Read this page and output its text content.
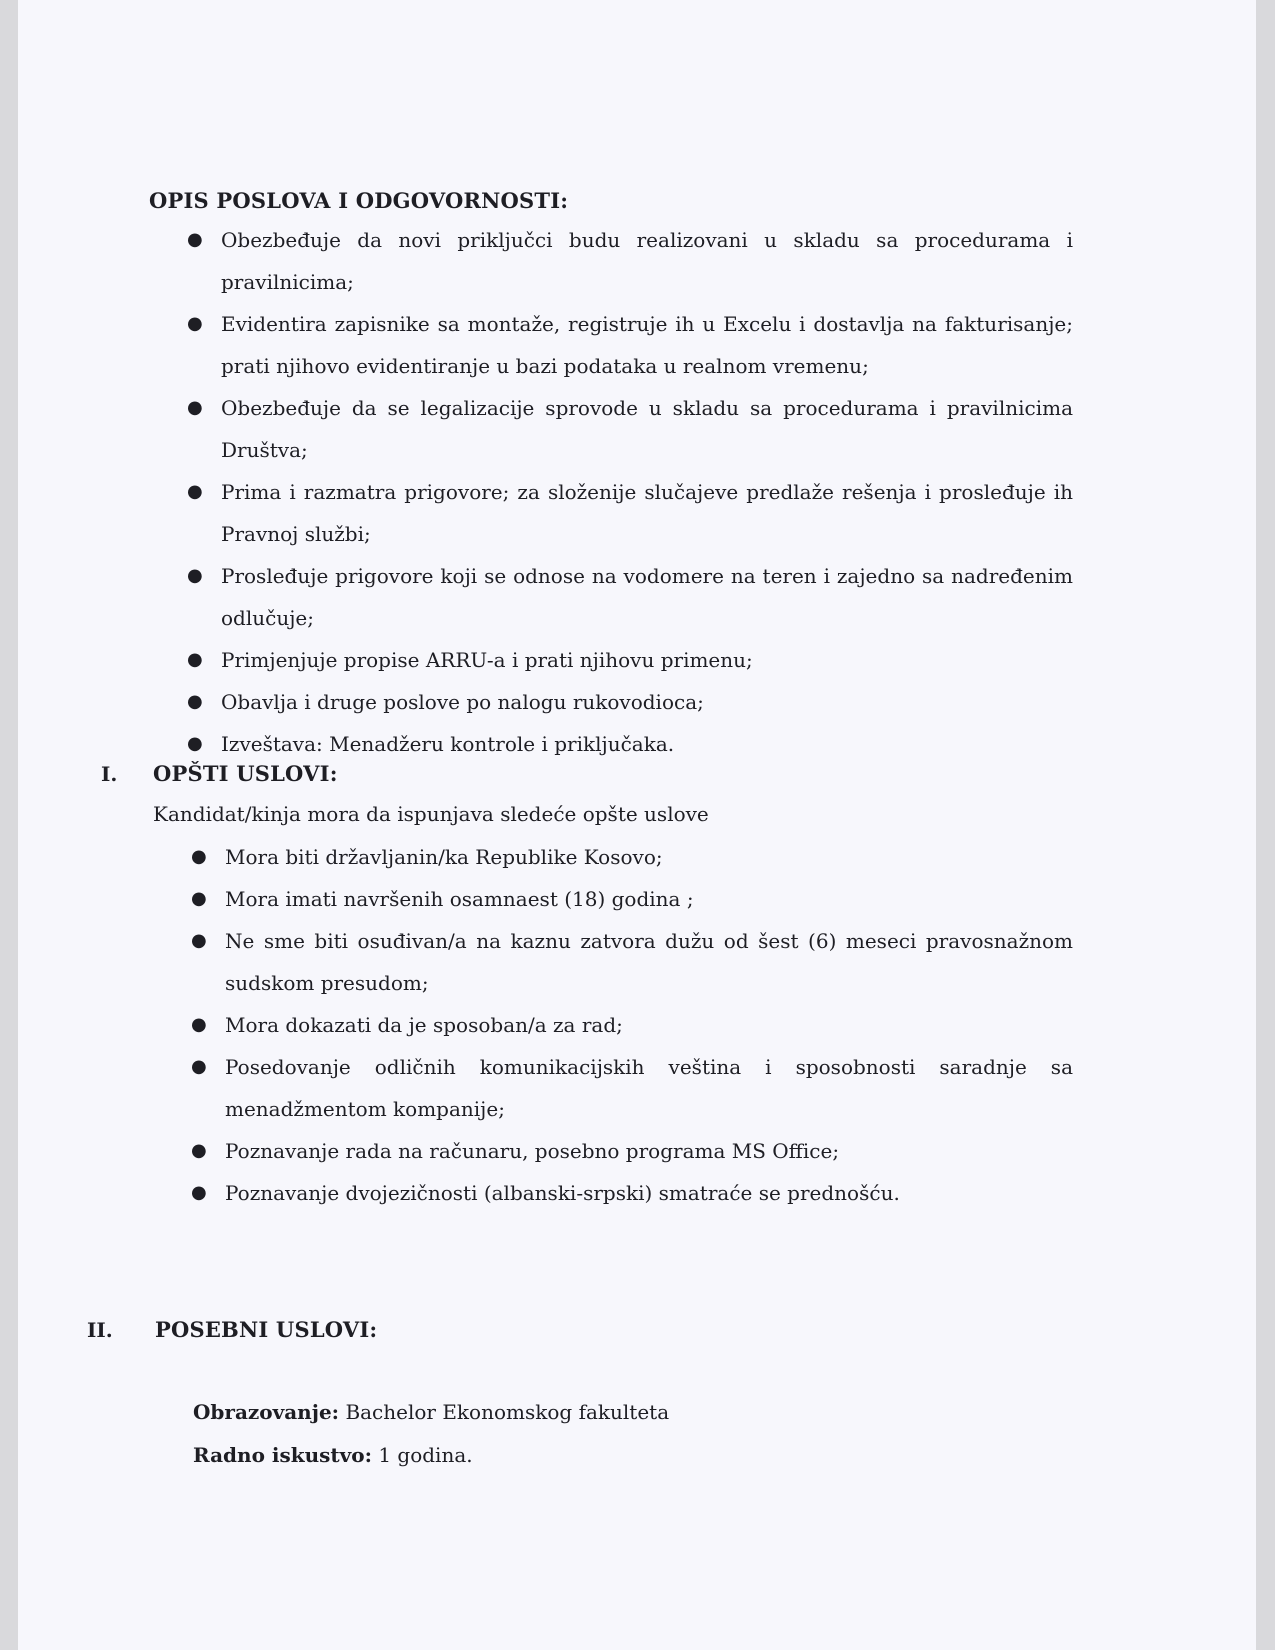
OPIS POSLOVA I ODGOVORNOSTI:
● Obezbeđuje da novi priključci budu realizovani u skladu sa procedurama i pravilnicima;
● Evidentira zapisnike sa montaže, registruje ih u Excelu i dostavlja na fakturisanje; prati njihovo evidentiranje u bazi podataka u realnom vremenu;
● Obezbeđuje da se legalizacije sprovode u skladu sa procedurama i pravilnicima Društva;
● Prima i razmatra prigovore; za složenije slučajeve predlaže rešenja i prosleđuje ih Pravnoj službi;
● Prosleđuje prigovore koji se odnose na vodomere na teren i zajedno sa nadređenim odlučuje;
● Primjenjuje propise ARRU-a i prati njihovu primenu;
● Obavlja i druge poslove po nalogu rukovodioca;
● Izveštava: Menadžeru kontrole i priključaka.
I. OPŠTI USLOVI:
Kandidat/kinja mora da ispunjava sledeće opšte uslove
● Mora biti državljanin/ka Republike Kosovo;
● Mora imati navršenih osamnaest (18) godina ;
● Ne sme biti osuđivan/a na kaznu zatvora dužu od šest (6) meseci pravosnažnom sudskom presudom;
● Mora dokazati da je sposoban/a za rad;
● Posedovanje odličnih komunikacijskih veština i sposobnosti saradnje sa menadžmentom kompanije;
● Poznavanje rada na računaru, posebno programa MS Office;
● Poznavanje dvojezičnosti (albanski-srpski) smatraće se prednošću.
II. POSEBNI USLOVI:
Obrazovanje: Bachelor Ekonomskog fakulteta
Radno iskustvo: 1 godina.
